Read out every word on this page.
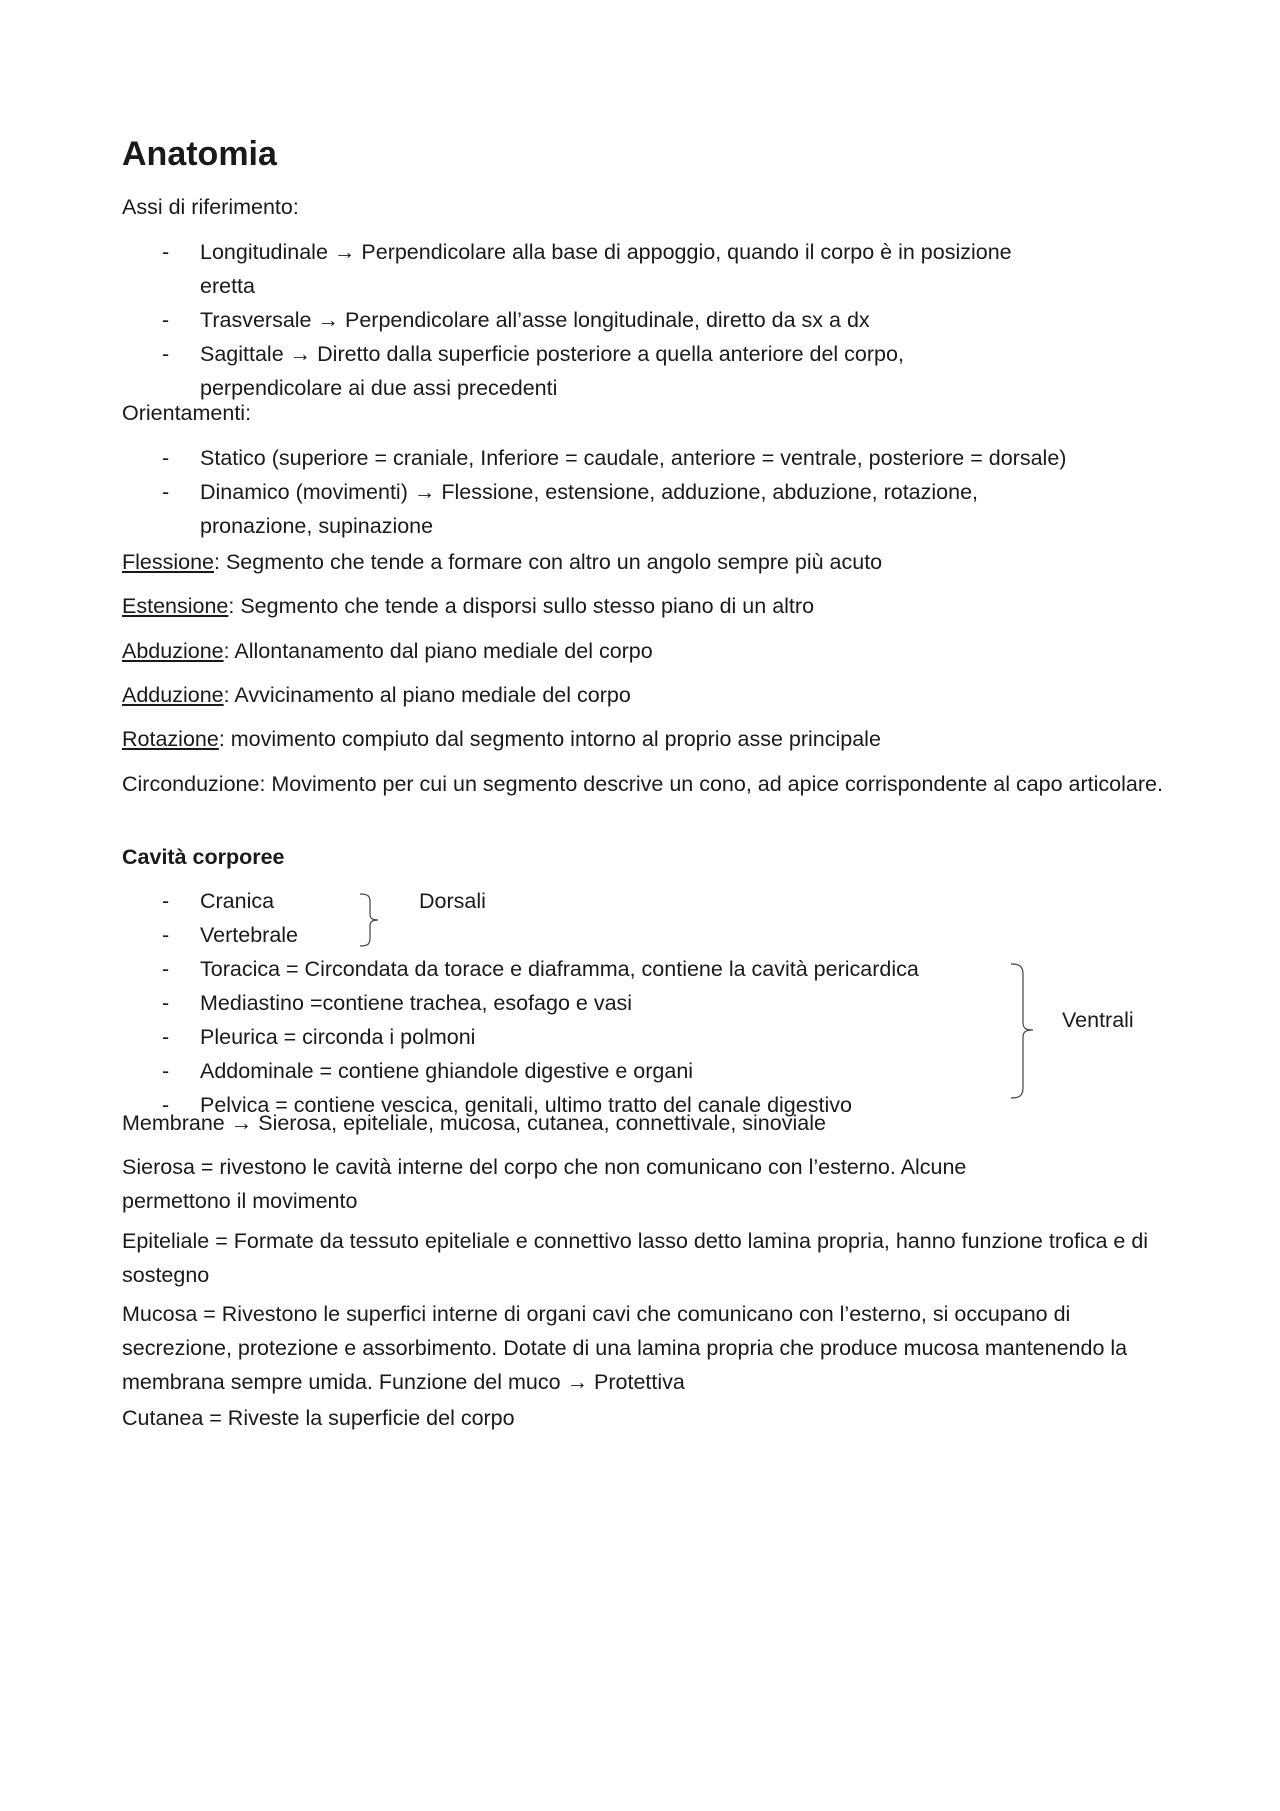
Anatomia

Assi di riferimento:

- Longitudinale → Perpendicolare alla base di appoggio, quando il corpo è in posizione eretta
- Trasversale → Perpendicolare all’asse longitudinale, diretto da sx a dx
- Sagittale → Diretto dalla superficie posteriore a quella anteriore del corpo, perpendicolare ai due assi precedenti

Orientamenti:

- Statico (superiore = craniale, Inferiore = caudale, anteriore = ventrale, posteriore = dorsale)
- Dinamico (movimenti) → Flessione, estensione, adduzione, abduzione, rotazione, pronazione, supinazione

Flessione: Segmento che tende a formare con altro un angolo sempre più acuto

Estensione: Segmento che tende a disporsi sullo stesso piano di un altro

Abduzione: Allontanamento dal piano mediale del corpo

Adduzione: Avvicinamento al piano mediale del corpo

Rotazione: movimento compiuto dal segmento intorno al proprio asse principale

Circonduzione: Movimento per cui un segmento descrive un cono, ad apice corrispondente al capo articolare.

Cavità corporee

- Cranica
- Vertebrale
- Toracica = Circondata da torace e diaframma, contiene la cavità pericardica
- Mediastino =contiene trachea, esofago e vasi
- Pleurica = circonda i polmoni
- Addominale = contiene ghiandole digestive e organi
- Pelvica = contiene vescica, genitali, ultimo tratto del canale digestivo
Dorsali
Ventrali

Membrane → Sierosa, epiteliale, mucosa, cutanea, connettivale, sinoviale

Sierosa = rivestono le cavità interne del corpo che non comunicano con l’esterno. Alcune permettono il movimento

Epiteliale = Formate da tessuto epiteliale e connettivo lasso detto lamina propria, hanno funzione trofica e di sostegno

Mucosa = Rivestono le superfici interne di organi cavi che comunicano con l’esterno, si occupano di secrezione, protezione e assorbimento. Dotate di una lamina propria che produce mucosa mantenendo la membrana sempre umida. Funzione del muco → Protettiva

Cutanea = Riveste la superficie del corpo
